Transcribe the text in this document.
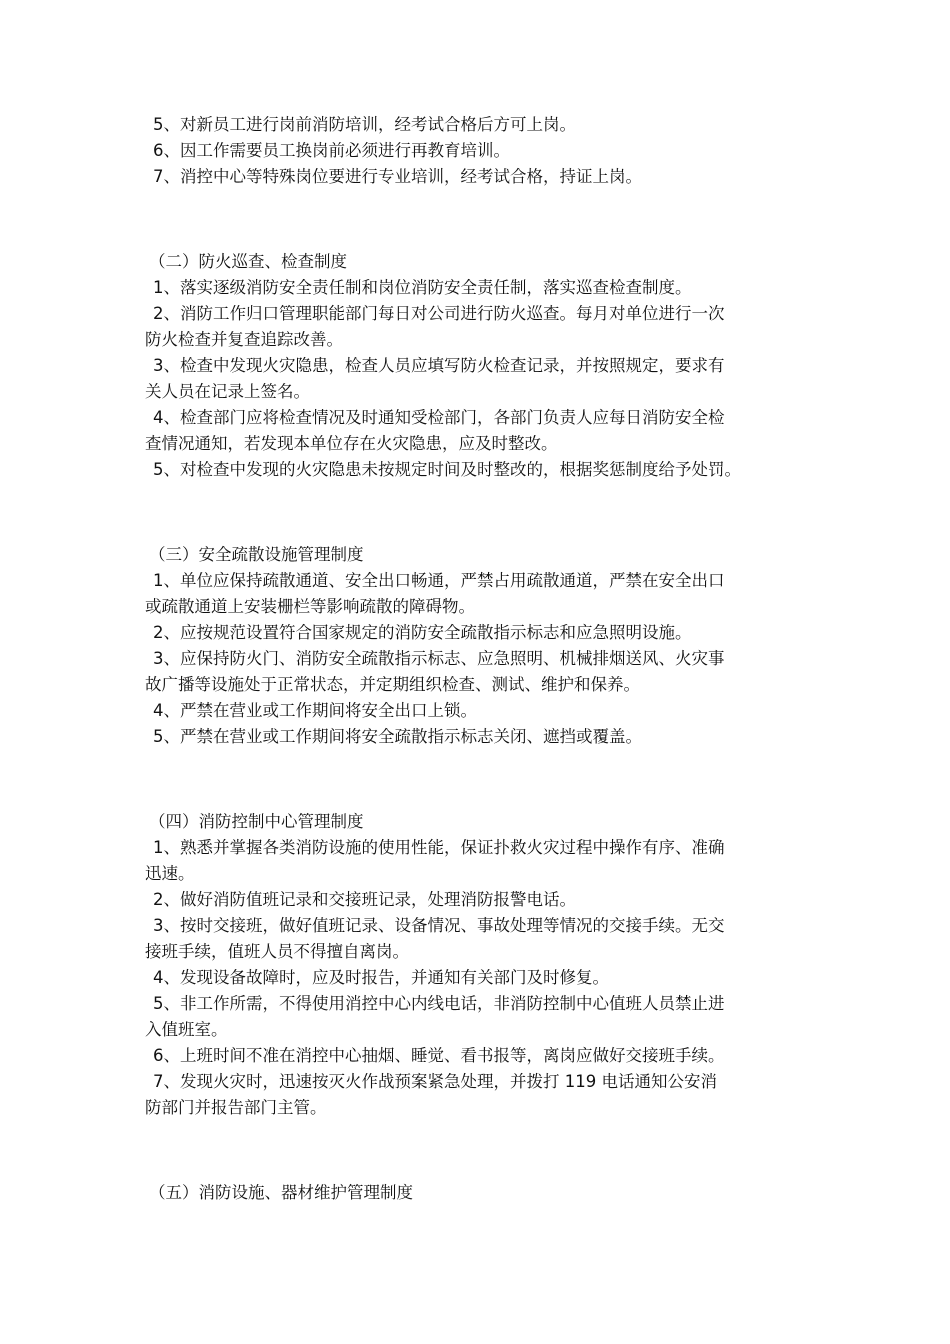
5、对新员工进行岗前消防培训，经考试合格后方可上岗。
6、因工作需要员工换岗前必须进行再教育培训。
7、消控中心等特殊岗位要进行专业培训，经考试合格，持证上岗。
（二）防火巡查、检查制度
1、落实逐级消防安全责任制和岗位消防安全责任制，落实巡查检查制度。
2、消防工作归口管理职能部门每日对公司进行防火巡查。每月对单位进行一次
防火检查并复查追踪改善。
3、检查中发现火灾隐患，检查人员应填写防火检查记录，并按照规定，要求有
关人员在记录上签名。
4、检查部门应将检查情况及时通知受检部门，各部门负责人应每日消防安全检
查情况通知，若发现本单位存在火灾隐患，应及时整改。
5、对检查中发现的火灾隐患未按规定时间及时整改的，根据奖惩制度给予处罚。
（三）安全疏散设施管理制度
1、单位应保持疏散通道、安全出口畅通，严禁占用疏散通道，严禁在安全出口
或疏散通道上安装栅栏等影响疏散的障碍物。
2、应按规范设置符合国家规定的消防安全疏散指示标志和应急照明设施。
3、应保持防火门、消防安全疏散指示标志、应急照明、机械排烟送风、火灾事
故广播等设施处于正常状态，并定期组织检查、测试、维护和保养。
4、严禁在营业或工作期间将安全出口上锁。
5、严禁在营业或工作期间将安全疏散指示标志关闭、遮挡或覆盖。
（四）消防控制中心管理制度
1、熟悉并掌握各类消防设施的使用性能，保证扑救火灾过程中操作有序、准确
迅速。
2、做好消防值班记录和交接班记录，处理消防报警电话。
3、按时交接班，做好值班记录、设备情况、事故处理等情况的交接手续。无交
接班手续，值班人员不得擅自离岗。
4、发现设备故障时，应及时报告，并通知有关部门及时修复。
5、非工作所需，不得使用消控中心内线电话，非消防控制中心值班人员禁止进
入值班室。
6、上班时间不准在消控中心抽烟、睡觉、看书报等，离岗应做好交接班手续。
7、发现火灾时，迅速按灭火作战预案紧急处理，并拨打 119 电话通知公安消
防部门并报告部门主管。
（五）消防设施、器材维护管理制度
